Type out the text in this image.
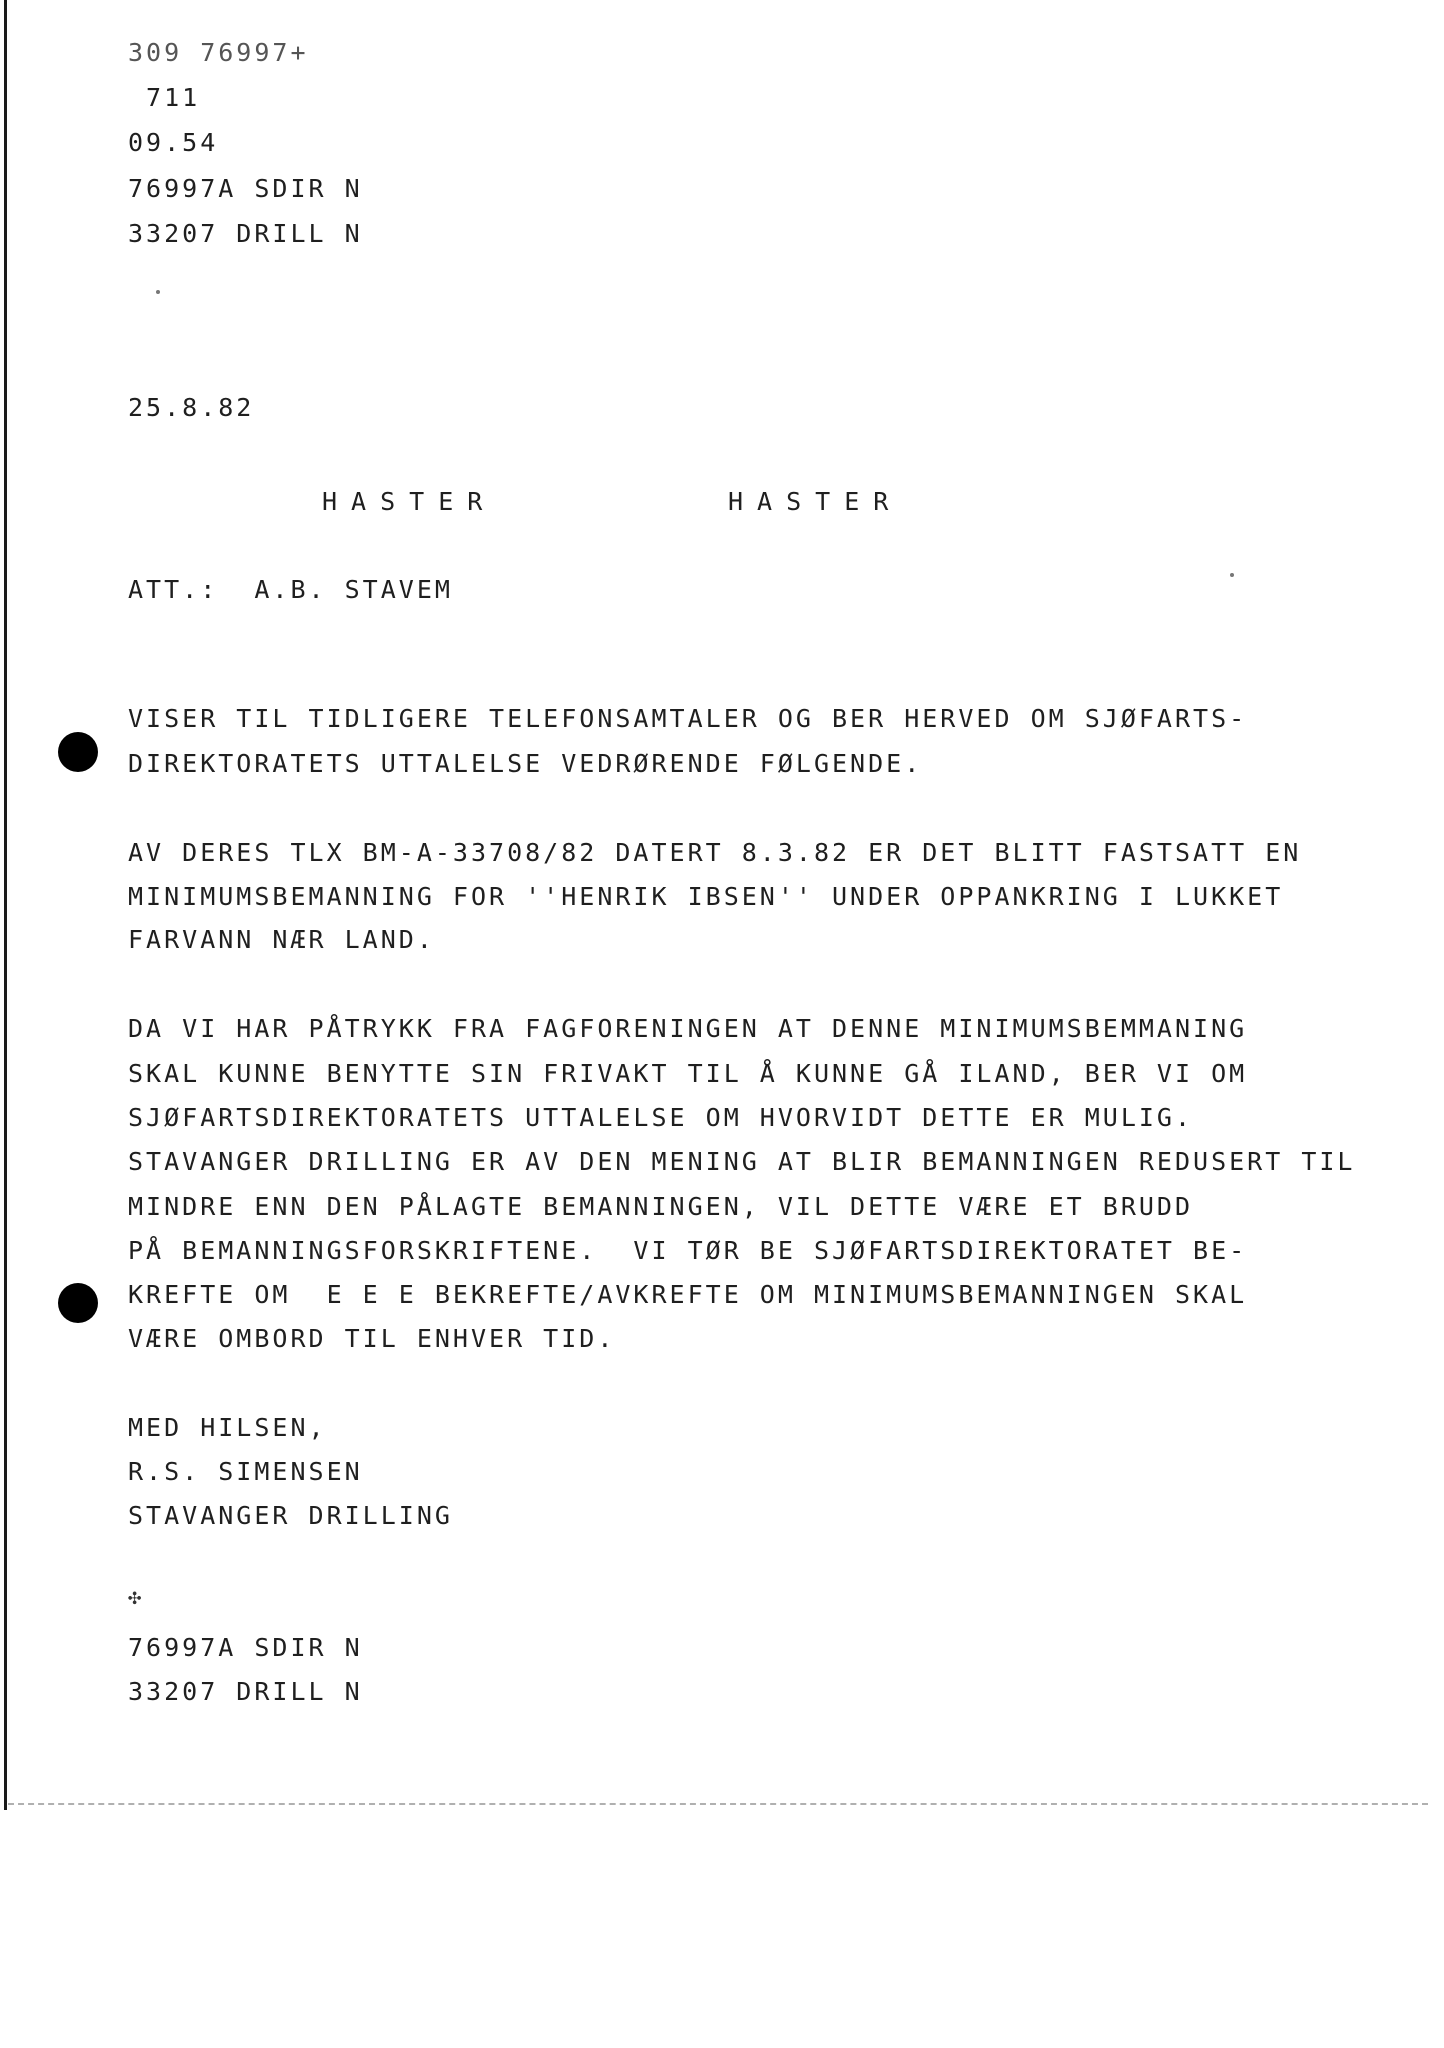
309 76997+
711
09.54
76997A SDIR N
33207 DRILL N
25.8.82
HASTER	HASTER
ATT.:  A.B. STAVEM
VISER TIL TIDLIGERE TELEFONSAMTALER OG BER HERVED OM SJØFARTS-
DIREKTORATETS UTTALELSE VEDRØRENDE FØLGENDE.
AV DERES TLX BM-A-33708/82 DATERT 8.3.82 ER DET BLITT FASTSATT EN
MINIMUMSBEMANNING FOR ''HENRIK IBSEN'' UNDER OPPANKRING I LUKKET
FARVANN NÆR LAND.
DA VI HAR PÅTRYKK FRA FAGFORENINGEN AT DENNE MINIMUMSBEMMANING
SKAL KUNNE BENYTTE SIN FRIVAKT TIL Å KUNNE GÅ ILAND, BER VI OM
SJØFARTSDIREKTORATETS UTTALELSE OM HVORVIDT DETTE ER MULIG.
STAVANGER DRILLING ER AV DEN MENING AT BLIR BEMANNINGEN REDUSERT TIL
MINDRE ENN DEN PÅLAGTE BEMANNINGEN, VIL DETTE VÆRE ET BRUDD
PÅ BEMANNINGSFORSKRIFTENE.  VI TØR BE SJØFARTSDIREKTORATET BE-
KREFTE OM  E E E BEKREFTE/AVKREFTE OM MINIMUMSBEMANNINGEN SKAL
VÆRE OMBORD TIL ENHVER TID.
MED HILSEN,
R.S. SIMENSEN
STAVANGER DRILLING
✣
76997A SDIR N
33207 DRILL N
